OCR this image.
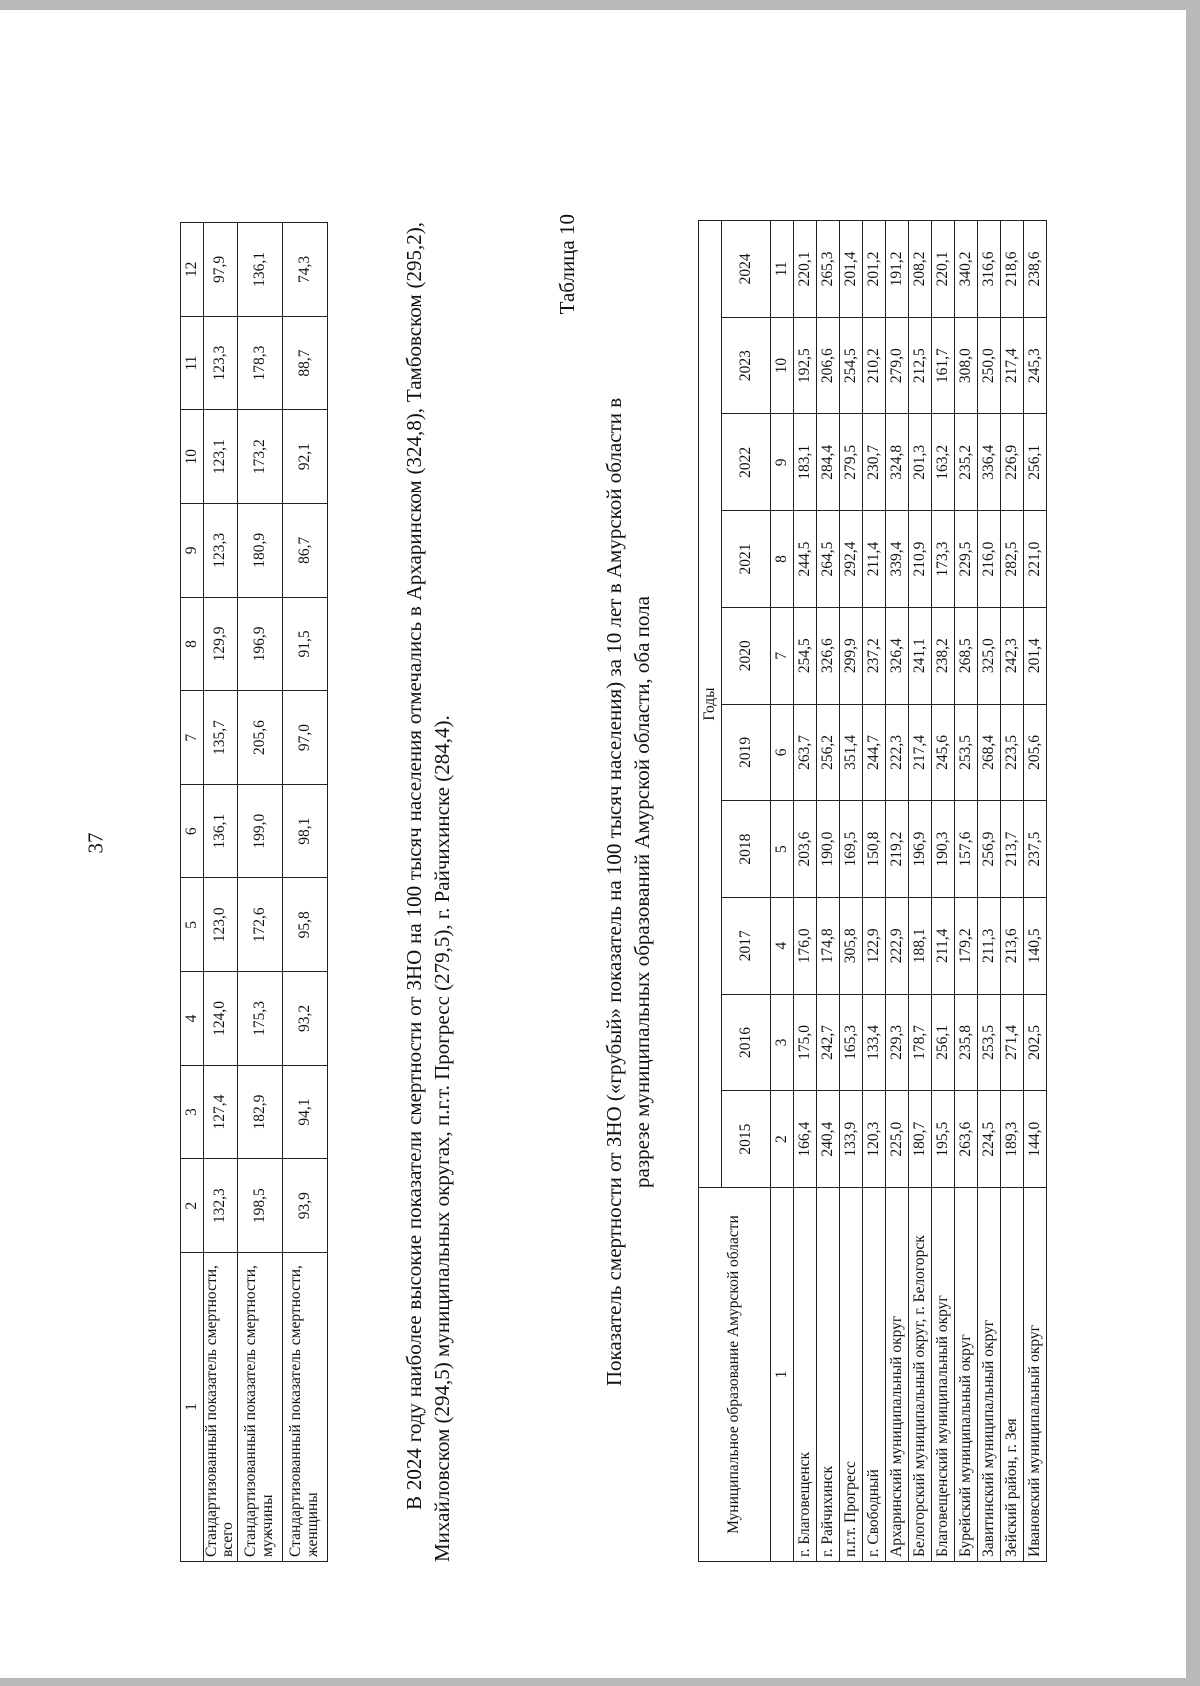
37
1	2	3	4	5	6	7	8	9	10	11	12
Стандартизованный показатель смертности, всего	132,3	127,4	124,0	123,0	136,1	135,7	129,9	123,3	123,1	123,3	97,9
Стандартизованный показатель смертности, мужчины	198,5	182,9	175,3	172,6	199,0	205,6	196,9	180,9	173,2	178,3	136,1
Стандартизованный показатель смертности, женщины	93,9	94,1	93,2	95,8	98,1	97,0	91,5	86,7	92,1	88,7	74,3	В 2024 году наиболее высокие показатели смертности от ЗНО на 100 тысяч населения отмечались в Архаринском (324,8), Тамбовском (295,2), Михайловском (294,5) муниципальных округах, п.г.т. Прогресс (279,5), г. Райчихинске (284,4).

Таблица 10
Показатель смертности от ЗНО («грубый» показатель на 100 тысяч населения) за 10 лет в Амурской области в разрезе муниципальных образований Амурской области, оба пола
Муниципальное образование Амурской области	Годы									
	2015	2016	2017	2018	2019	2020	2021	2022	2023	2024
1	2	3	4	5	6	7	8	9	10	11
г. Благовещенск	166,4	175,0	176,0	203,6	263,7	254,5	244,5	183,1	192,5	220,1
г. Райчихинск	240,4	242,7	174,8	190,0	256,2	326,6	264,5	284,4	206,6	265,3
п.г.т. Прогресс	133,9	165,3	305,8	169,5	351,4	299,9	292,4	279,5	254,5	201,4
г. Свободный	120,3	133,4	122,9	150,8	244,7	237,2	211,4	230,7	210,2	201,2
Архаринский муниципальный округ	225,0	229,3	222,9	219,2	222,3	326,4	339,4	324,8	279,0	191,2
Белогорский муниципальный округ, г. Белогорск	180,7	178,7	188,1	196,9	217,4	241,1	210,9	201,3	212,5	208,2
Благовещенский муниципальный округ	195,5	256,1	211,4	190,3	245,6	238,2	173,3	163,2	161,7	220,1
Бурейский муниципальный округ	263,6	235,8	179,2	157,6	253,5	268,5	229,5	235,2	308,0	340,2
Завитинский муниципальный округ	224,5	253,5	211,3	256,9	268,4	325,0	216,0	336,4	250,0	316,6
Зейский район, г. Зея	189,3	271,4	213,6	213,7	223,5	242,3	282,5	226,9	217,4	218,6
Ивановский муниципальный округ	144,0	202,5	140,5	237,5	205,6	201,4	221,0	256,1	245,3	238,6
